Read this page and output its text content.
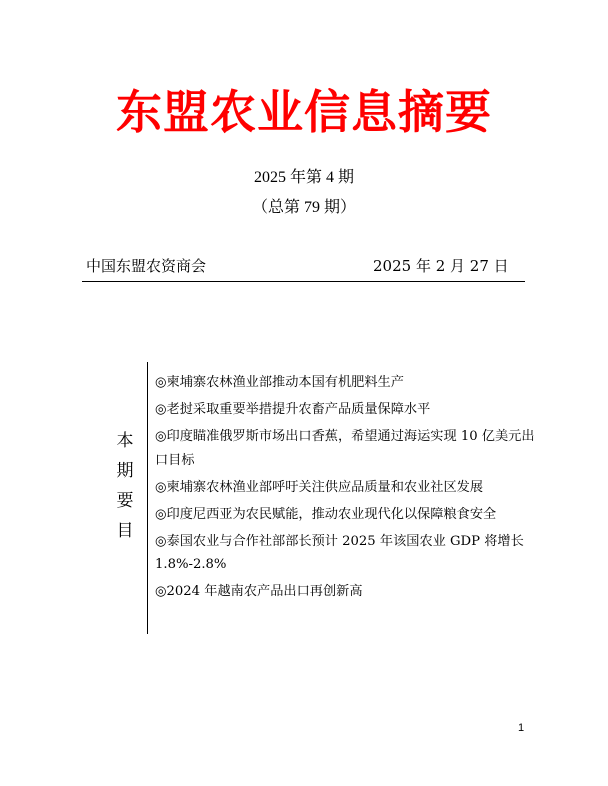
东盟农业信息摘要
2025 年第 4 期
（总第 79 期）
中国东盟农资商会	2025 年 2 月 27 日
本
期
要
目
◎柬埔寨农林渔业部推动本国有机肥料生产
◎老挝采取重要举措提升农畜产品质量保障水平
◎印度瞄准俄罗斯市场出口香蕉，希望通过海运实现 10 亿美元出口目标
◎柬埔寨农林渔业部呼吁关注供应品质量和农业社区发展
◎印度尼西亚为农民赋能，推动农业现代化以保障粮食安全
◎泰国农业与合作社部部长预计 2025 年该国农业 GDP 将增长 1.8%-2.8%
◎2024 年越南农产品出口再创新高
1
